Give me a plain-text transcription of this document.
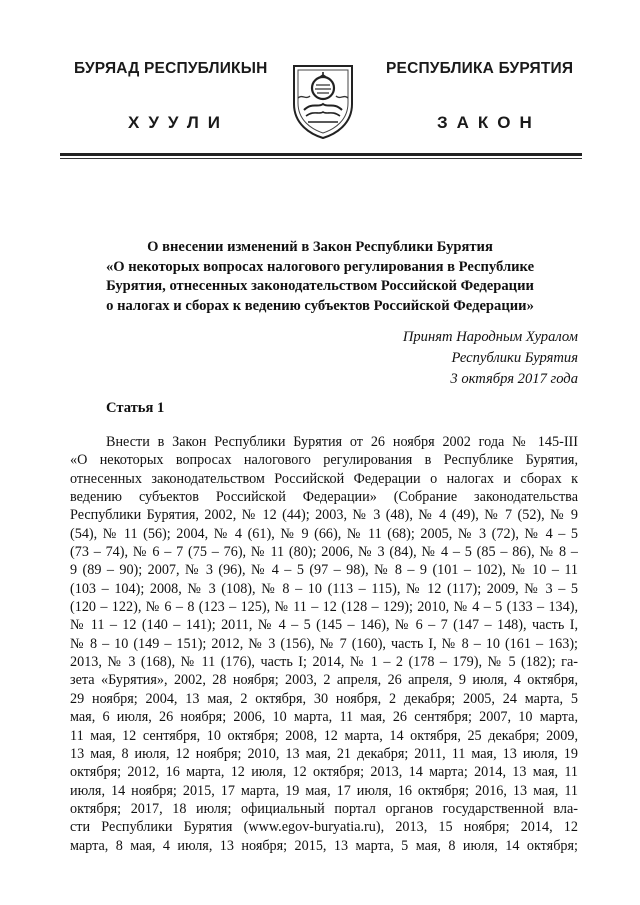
БУРЯАД РЕСПУБЛИКЫН	РЕСПУБЛИКА БУРЯТИЯ
ХУУЛИ	ЗАКОН
О внесении изменений в Закон Республики Бурятия
«О некоторых вопросах налогового регулирования в Республике
Бурятия, отнесенных законодательством Российской Федерации
о налогах и сборах к ведению субъектов Российской Федерации»
Принят Народным Хуралом
Республики Бурятия
3 октября 2017 года
Статья 1
Внести в Закон Республики Бурятия от 26 ноября 2002 года № 145-III
«О некоторых вопросах налогового регулирования в Республике Бурятия,
отнесенных законодательством Российской Федерации о налогах и сборах к
ведению субъектов Российской Федерации» (Собрание законодательства
Республики Бурятия, 2002, № 12 (44); 2003, № 3 (48), № 4 (49), № 7 (52), № 9
(54), № 11 (56); 2004, № 4 (61), № 9 (66), № 11 (68); 2005, № 3 (72), № 4 – 5
(73 – 74), № 6 – 7 (75 – 76), № 11 (80); 2006, № 3 (84), № 4 – 5 (85 – 86), № 8 –
9 (89 – 90); 2007, № 3 (96), № 4 – 5 (97 – 98), № 8 – 9 (101 – 102), № 10 – 11
(103 – 104); 2008, № 3 (108), № 8 – 10 (113 – 115), № 12 (117); 2009, № 3 – 5
(120 – 122), № 6 – 8 (123 – 125), № 11 – 12 (128 – 129); 2010, № 4 – 5 (133 – 134),
№ 11 – 12 (140 – 141); 2011, № 4 – 5 (145 – 146), № 6 – 7 (147 – 148), часть I,
№ 8 – 10 (149 – 151); 2012, № 3 (156), № 7 (160), часть I, № 8 – 10 (161 – 163);
2013, № 3 (168), № 11 (176), часть I; 2014, № 1 – 2 (178 – 179), № 5 (182); га-
зета «Бурятия», 2002, 28 ноября; 2003, 2 апреля, 26 апреля, 9 июля, 4 октября,
29 ноября; 2004, 13 мая, 2 октября, 30 ноября, 2 декабря; 2005, 24 марта, 5
мая, 6 июля, 26 ноября; 2006, 10 марта, 11 мая, 26 сентября; 2007, 10 марта,
11 мая, 12 сентября, 10 октября; 2008, 12 марта, 14 октября, 25 декабря; 2009,
13 мая, 8 июля, 12 ноября; 2010, 13 мая, 21 декабря; 2011, 11 мая, 13 июля, 19
октября; 2012, 16 марта, 12 июля, 12 октября; 2013, 14 марта; 2014, 13 мая, 11
июля, 14 ноября; 2015, 17 марта, 19 мая, 17 июля, 16 октября; 2016, 13 мая, 11
октября; 2017, 18 июля; официальный портал органов государственной вла-
сти Республики Бурятия (www.egov-buryatia.ru), 2013, 15 ноября; 2014, 12
марта, 8 мая, 4 июля, 13 ноября; 2015, 13 марта, 5 мая, 8 июля, 14 октября;
